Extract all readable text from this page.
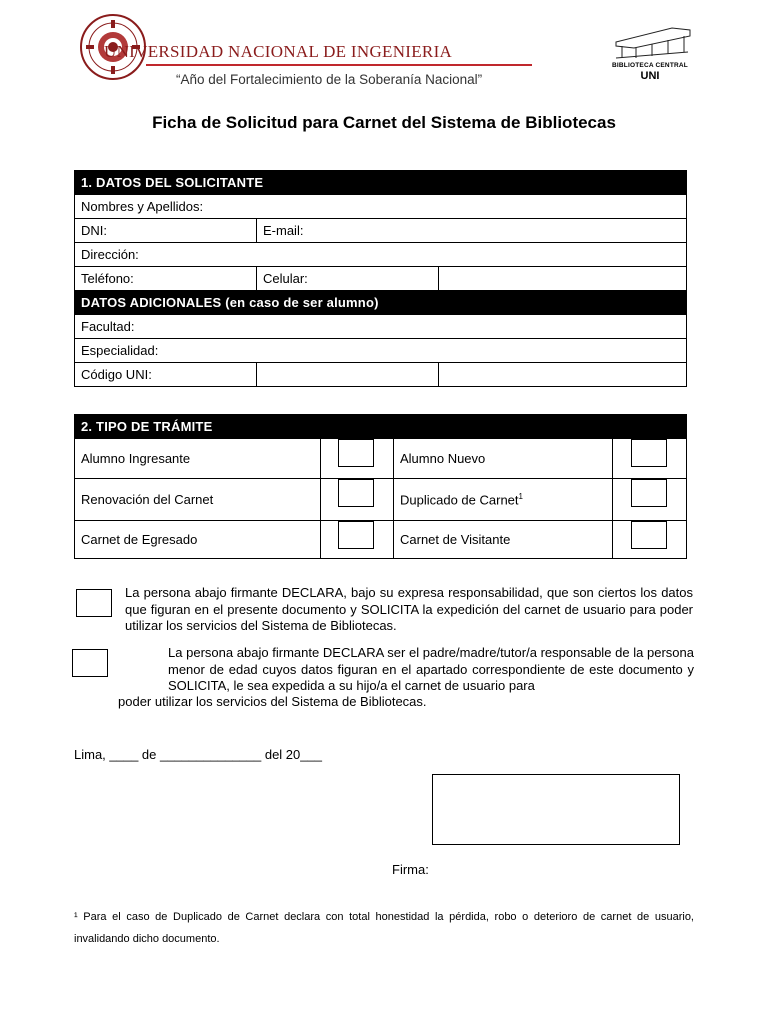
UNIVERSIDAD NACIONAL DE INGENIERIA
“Año del Fortalecimiento de la Soberanía Nacional”
BIBLIOTECA CENTRAL
UNI
Ficha de Solicitud para Carnet del Sistema de Bibliotecas
1. DATOS DEL SOLICITANTE		
Nombres y Apellidos:		
DNI:	E-mail:	
Dirección:		
Teléfono:	Celular:	
DATOS ADICIONALES (en caso de ser alumno)		
Facultad:		
Especialidad:		
Código UNI:		
2. TIPO DE TRÁMITE			
Alumno Ingresante		Alumno Nuevo	

Renovación del Carnet		Duplicado de Carnet$^1$	

Carnet de Egresado		Carnet de Visitante	
La persona abajo firmante DECLARA, bajo su expresa responsabilidad, que son ciertos los datos que figuran en el presente documento y SOLICITA la expedición del carnet de usuario para poder utilizar los servicios del Sistema de Bibliotecas.
La persona abajo firmante DECLARA ser el padre/madre/tutor/a responsable de la persona menor de edad cuyos datos figuran en el apartado correspondiente de este documento y SOLICITA, le sea expedida a su hijo/a el carnet de usuario para
poder utilizar los servicios del Sistema de Bibliotecas.
Lima, ____ de ______________ del 20___
Firma:
¹ Para el caso de Duplicado de Carnet declara con total honestidad la pérdida, robo o deterioro de carnet de usuario, invalidando dicho documento.
